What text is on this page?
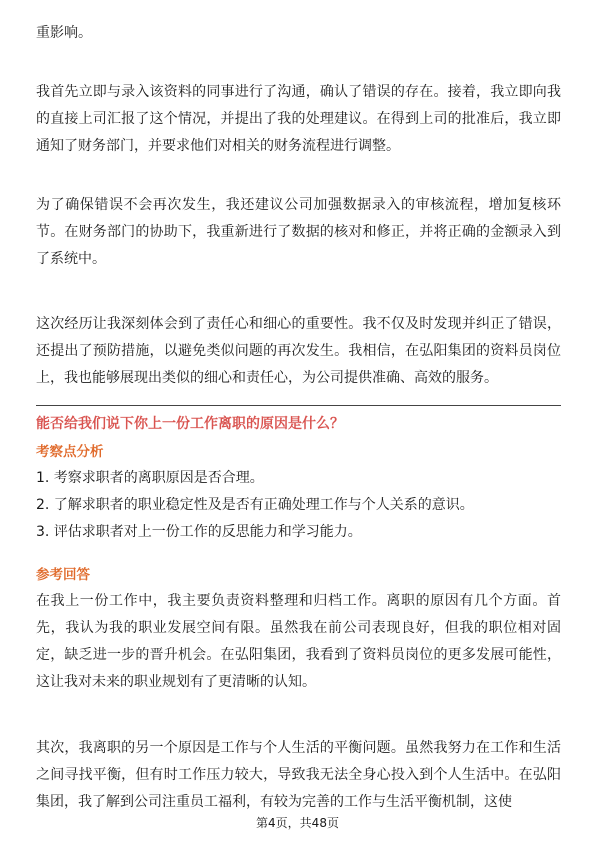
重影响。

我首先立即与录入该资料的同事进行了沟通，确认了错误的存在。接着，我立即向我的直接上司汇报了这个情况，并提出了我的处理建议。在得到上司的批准后，我立即通知了财务部门，并要求他们对相关的财务流程进行调整。

为了确保错误不会再次发生，我还建议公司加强数据录入的审核流程，增加复核环节。在财务部门的协助下，我重新进行了数据的核对和修正，并将正确的金额录入到了系统中。

这次经历让我深刻体会到了责任心和细心的重要性。我不仅及时发现并纠正了错误，还提出了预防措施，以避免类似问题的再次发生。我相信，在弘阳集团的资料员岗位上，我也能够展现出类似的细心和责任心，为公司提供准确、高效的服务。

能否给我们说下你上一份工作离职的原因是什么？
考察点分析
1. 考察求职者的离职原因是否合理。
2. 了解求职者的职业稳定性及是否有正确处理工作与个人关系的意识。
3. 评估求职者对上一份工作的反思能力和学习能力。
参考回答

在我上一份工作中，我主要负责资料整理和归档工作。离职的原因有几个方面。首先，我认为我的职业发展空间有限。虽然我在前公司表现良好，但我的职位相对固定，缺乏进一步的晋升机会。在弘阳集团，我看到了资料员岗位的更多发展可能性，这让我对未来的职业规划有了更清晰的认知。

其次，我离职的另一个原因是工作与个人生活的平衡问题。虽然我努力在工作和生活之间寻找平衡，但有时工作压力较大，导致我无法全身心投入到个人生活中。在弘阳集团，我了解到公司注重员工福利，有较为完善的工作与生活平衡机制，这使

第4页，共48页
